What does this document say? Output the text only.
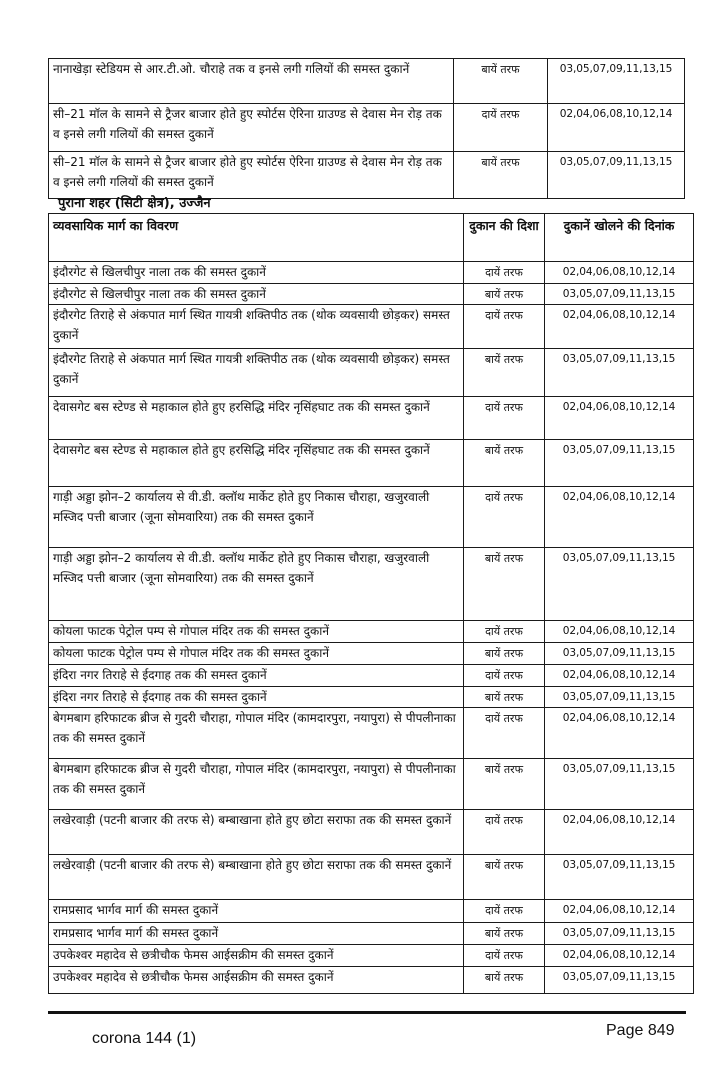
नानाखेड़ा स्टेडियम से आर.टी.ओ. चौराहे तक व इनसे लगी गलियों की समस्त दुकानें	बायें तरफ	03,05,07,09,11,13,15
सी–21 मॉल के सामने से ट्रैजर बाजार होते हुए स्पोर्टस ऐरिना ग्राउण्ड से देवास मेन रोड़ तक व इनसे लगी गलियों की समस्त दुकानें	दायें तरफ	02,04,06,08,10,12,14
सी–21 मॉल के सामने से ट्रैजर बाजार होते हुए स्पोर्टस ऐरिना ग्राउण्ड से देवास मेन रोड़ तक व इनसे लगी गलियों की समस्त दुकानें	बायें तरफ	03,05,07,09,11,13,15
पुराना शहर (सिटी क्षेत्र), उज्जैन
व्यवसायिक मार्ग का विवरण	दुकान की दिशा	दुकानें खोलने की दिनांक
इंदौरगेट से खिलचीपुर नाला तक की समस्त दुकानें	दायें तरफ	02,04,06,08,10,12,14
इंदौरगेट से खिलचीपुर नाला तक की समस्त दुकानें	बायें तरफ	03,05,07,09,11,13,15
इंदौरगेट तिराहे से अंकपात मार्ग स्थित गायत्री शक्तिपीठ तक (थोक व्यवसायी छोड़कर) समस्त दुकानें	दायें तरफ	02,04,06,08,10,12,14
इंदौरगेट तिराहे से अंकपात मार्ग स्थित गायत्री शक्तिपीठ तक (थोक व्यवसायी छोड़कर) समस्त दुकानें	बायें तरफ	03,05,07,09,11,13,15
देवासगेट बस स्टेण्ड से महाकाल होते हुए हरसिद्धि मंदिर नृसिंहघाट तक की समस्त दुकानें	दायें तरफ	02,04,06,08,10,12,14
देवासगेट बस स्टेण्ड से महाकाल होते हुए हरसिद्धि मंदिर नृसिंहघाट तक की समस्त दुकानें	बायें तरफ	03,05,07,09,11,13,15
गाड़ी अड्डा झोन–2 कार्यालय से वी.डी. क्लॉथ मार्केट होते हुए निकास चौराहा, खजुरवाली मस्जिद पत्ती बाजार (जूना सोमवारिया) तक की समस्त दुकानें	दायें तरफ	02,04,06,08,10,12,14
गाड़ी अड्डा झोन–2 कार्यालय से वी.डी. क्लॉथ मार्केट होते हुए निकास चौराहा, खजुरवाली मस्जिद पत्ती बाजार (जूना सोमवारिया) तक की समस्त दुकानें	बायें तरफ	03,05,07,09,11,13,15
कोयला फाटक पेट्रोल पम्प से गोपाल मंदिर तक की समस्त दुकानें	दायें तरफ	02,04,06,08,10,12,14
कोयला फाटक पेट्रोल पम्प से गोपाल मंदिर तक की समस्त दुकानें	बायें तरफ	03,05,07,09,11,13,15
इंदिरा नगर तिराहे से ईदगाह तक की समस्त दुकानें	दायें तरफ	02,04,06,08,10,12,14
इंदिरा नगर तिराहे से ईदगाह तक की समस्त दुकानें	बायें तरफ	03,05,07,09,11,13,15
बेगमबाग हरिफाटक ब्रीज से गुदरी चौराहा, गोपाल मंदिर (कामदारपुरा, नयापुरा) से पीपलीनाका तक की समस्त दुकानें	दायें तरफ	02,04,06,08,10,12,14
बेगमबाग हरिफाटक ब्रीज से गुदरी चौराहा, गोपाल मंदिर (कामदारपुरा, नयापुरा) से पीपलीनाका तक की समस्त दुकानें	बायें तरफ	03,05,07,09,11,13,15
लखेरवाड़ी (पटनी बाजार की तरफ से) बम्बाखाना होते हुए छोटा सराफा तक की समस्त दुकानें	दायें तरफ	02,04,06,08,10,12,14
लखेरवाड़ी (पटनी बाजार की तरफ से) बम्बाखाना होते हुए छोटा सराफा तक की समस्त दुकानें	बायें तरफ	03,05,07,09,11,13,15
रामप्रसाद भार्गव मार्ग की समस्त दुकानें	दायें तरफ	02,04,06,08,10,12,14
रामप्रसाद भार्गव मार्ग की समस्त दुकानें	बायें तरफ	03,05,07,09,11,13,15
उपकेश्वर महादेव से छत्रीचौक फेमस आईसक्रीम की समस्त दुकानें	दायें तरफ	02,04,06,08,10,12,14
उपकेश्वर महादेव से छत्रीचौक फेमस आईसक्रीम की समस्त दुकानें	बायें तरफ	03,05,07,09,11,13,15
corona 144 (1)	Page 849
